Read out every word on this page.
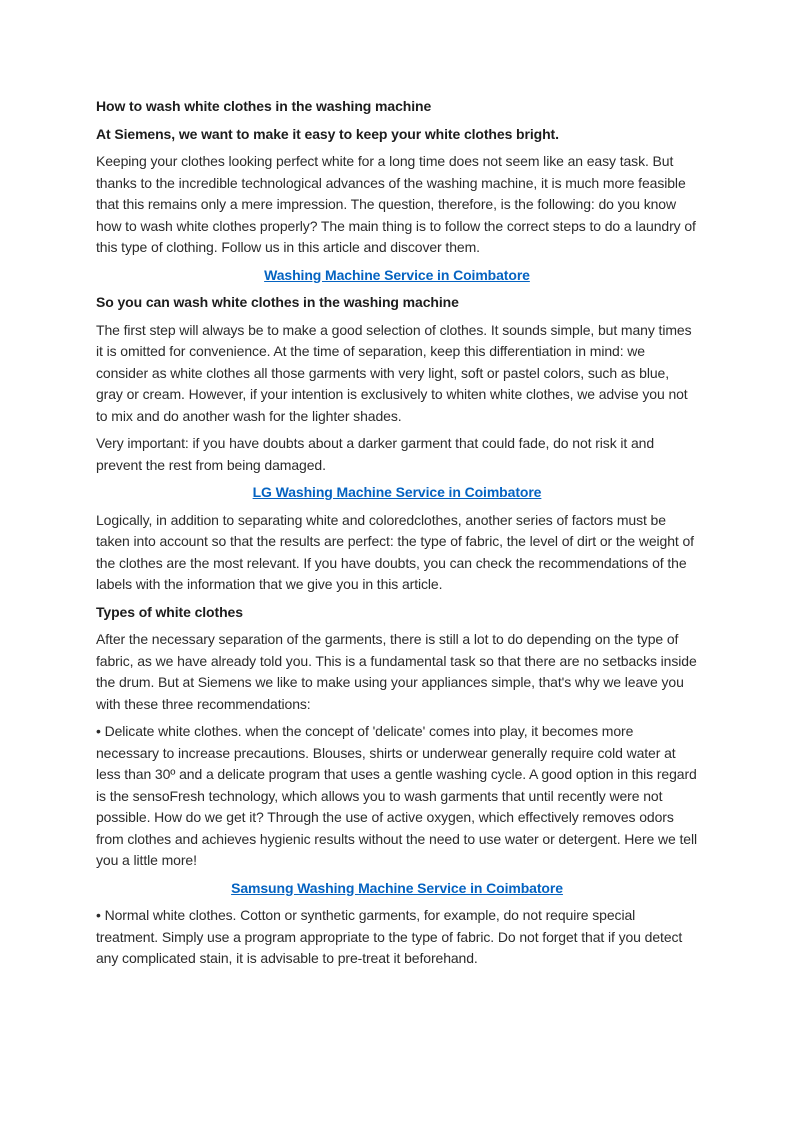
How to wash white clothes in the washing machine

At Siemens, we want to make it easy to keep your white clothes bright.

Keeping your clothes looking perfect white for a long time does not seem like an easy task. But thanks to the incredible technological advances of the washing machine, it is much more feasible that this remains only a mere impression. The question, therefore, is the following: do you know how to wash white clothes properly? The main thing is to follow the correct steps to do a laundry of this type of clothing. Follow us in this article and discover them.

Washing Machine Service in Coimbatore

So you can wash white clothes in the washing machine

The first step will always be to make a good selection of clothes. It sounds simple, but many times it is omitted for convenience. At the time of separation, keep this differentiation in mind: we consider as white clothes all those garments with very light, soft or pastel colors, such as blue, gray or cream. However, if your intention is exclusively to whiten white clothes, we advise you not to mix and do another wash for the lighter shades.

Very important: if you have doubts about a darker garment that could fade, do not risk it and prevent the rest from being damaged.

LG Washing Machine Service in Coimbatore

Logically, in addition to separating white and coloredclothes, another series of factors must be taken into account so that the results are perfect: the type of fabric, the level of dirt or the weight of the clothes are the most relevant. If you have doubts, you can check the recommendations of the labels with the information that we give you in this article.

Types of white clothes

After the necessary separation of the garments, there is still a lot to do depending on the type of fabric, as we have already told you. This is a fundamental task so that there are no setbacks inside the drum. But at Siemens we like to make using your appliances simple, that's why we leave you with these three recommendations:

• Delicate white clothes. when the concept of 'delicate' comes into play, it becomes more necessary to increase precautions. Blouses, shirts or underwear generally require cold water at less than 30º and a delicate program that uses a gentle washing cycle. A good option in this regard is the sensoFresh technology, which allows you to wash garments that until recently were not possible. How do we get it? Through the use of active oxygen, which effectively removes odors from clothes and achieves hygienic results without the need to use water or detergent. Here we tell you a little more!

Samsung Washing Machine Service in Coimbatore

• Normal white clothes. Cotton or synthetic garments, for example, do not require special treatment. Simply use a program appropriate to the type of fabric. Do not forget that if you detect any complicated stain, it is advisable to pre-treat it beforehand.
